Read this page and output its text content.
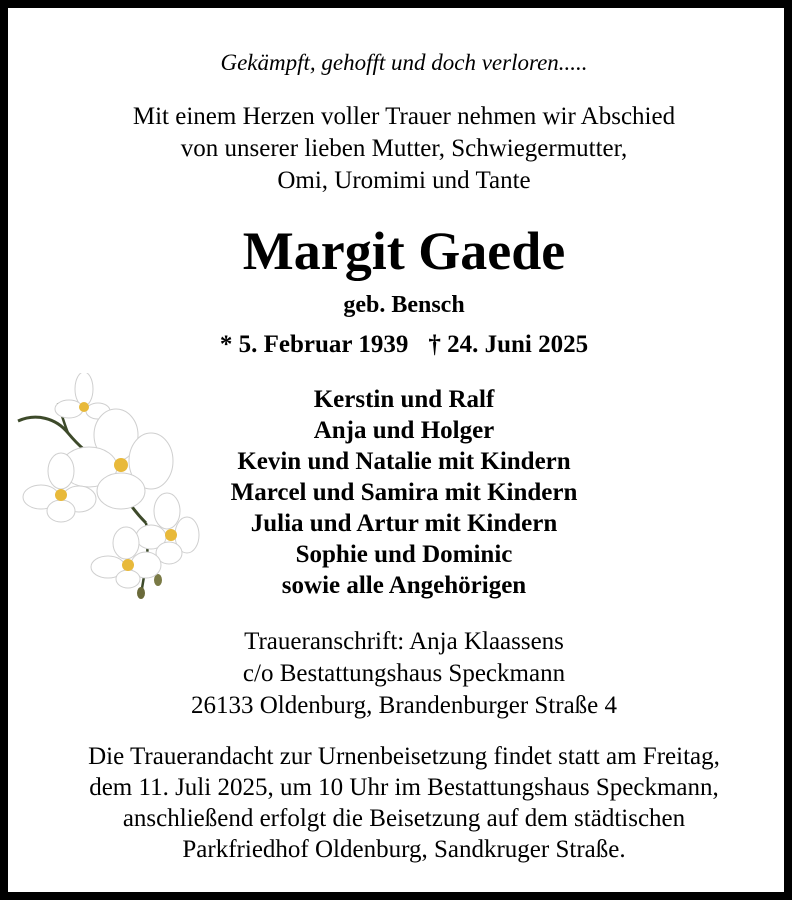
Gekämpft, gehofft und doch verloren.....
Mit einem Herzen voller Trauer nehmen wir Abschied
von unserer lieben Mutter, Schwiegermutter,
Omi, Uromimi und Tante
Margit Gaede
geb. Bensch
* 5. Februar 1939 † 24. Juni 2025
Kerstin und Ralf
Anja und Holger
Kevin und Natalie mit Kindern
Marcel und Samira mit Kindern
Julia und Artur mit Kindern
Sophie und Dominic
sowie alle Angehörigen
Traueranschrift: Anja Klaassens
c/o Bestattungshaus Speckmann
26133 Oldenburg, Brandenburger Straße 4
Die Trauerandacht zur Urnenbeisetzung findet statt am Freitag,
dem 11. Juli 2025, um 10 Uhr im Bestattungshaus Speckmann,
anschließend erfolgt die Beisetzung auf dem städtischen
Parkfriedhof Oldenburg, Sandkruger Straße.
